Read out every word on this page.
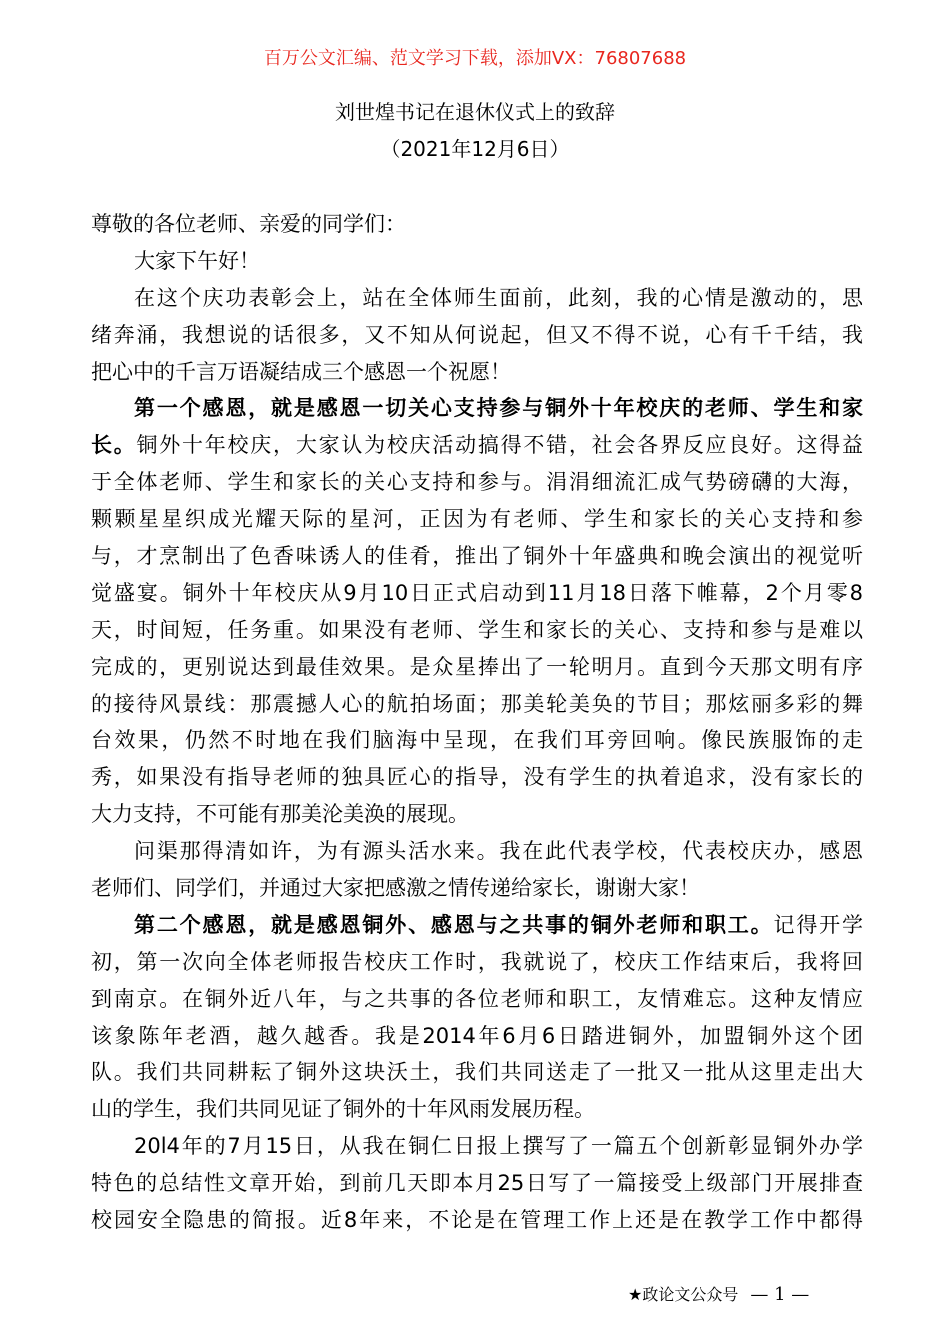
百万公文汇编、范文学习下载，添加VX：76807688
刘世煌书记在退休仪式上的致辞
（2021年12月6日）
尊敬的各位老师、亲爱的同学们：
大家下午好！
在这个庆功表彰会上，站在全体师生面前，此刻，我的心情是激动的，思
绪奔涌，我想说的话很多，又不知从何说起，但又不得不说，心有千千结，我
把心中的千言万语凝结成三个感恩一个祝愿！
第一个感恩，就是感恩一切关心支持参与铜外十年校庆的老师、学生和家
长。铜外十年校庆，大家认为校庆活动搞得不错，社会各界反应良好。这得益
于全体老师、学生和家长的关心支持和参与。涓涓细流汇成气势磅礴的大海，
颗颗星星织成光耀天际的星河，正因为有老师、学生和家长的关心支持和参
与，才烹制出了色香味诱人的佳肴，推出了铜外十年盛典和晚会演出的视觉听
觉盛宴。铜外十年校庆从9月10日正式启动到11月18日落下帷幕，2个月零8
天，时间短，任务重。如果没有老师、学生和家长的关心、支持和参与是难以
完成的，更别说达到最佳效果。是众星捧出了一轮明月。直到今天那文明有序
的接待风景线：那震撼人心的航拍场面；那美轮美奂的节目；那炫丽多彩的舞
台效果，仍然不时地在我们脑海中呈现，在我们耳旁回响。像民族服饰的走
秀，如果没有指导老师的独具匠心的指导，没有学生的执着追求，没有家长的
大力支持，不可能有那美沦美涣的展现。
问渠那得清如许，为有源头活水来。我在此代表学校，代表校庆办，感恩
老师们、同学们，并通过大家把感激之情传递给家长，谢谢大家！
第二个感恩，就是感恩铜外、感恩与之共事的铜外老师和职工。记得开学
初，第一次向全体老师报告校庆工作时，我就说了，校庆工作结束后，我将回
到南京。在铜外近八年，与之共事的各位老师和职工，友情难忘。这种友情应
该象陈年老酒，越久越香。我是2014年6月6日踏进铜外，加盟铜外这个团
队。我们共同耕耘了铜外这块沃土，我们共同送走了一批又一批从这里走出大
山的学生，我们共同见证了铜外的十年风雨发展历程。
20l4年的7月15日，从我在铜仁日报上撰写了一篇五个创新彰显铜外办学
特色的总结性文章开始，到前几天即本月25日写了一篇接受上级部门开展排查
校园安全隐患的简报。近8年来，不论是在管理工作上还是在教学工作中都得
★政论文公众号 — 1 —
